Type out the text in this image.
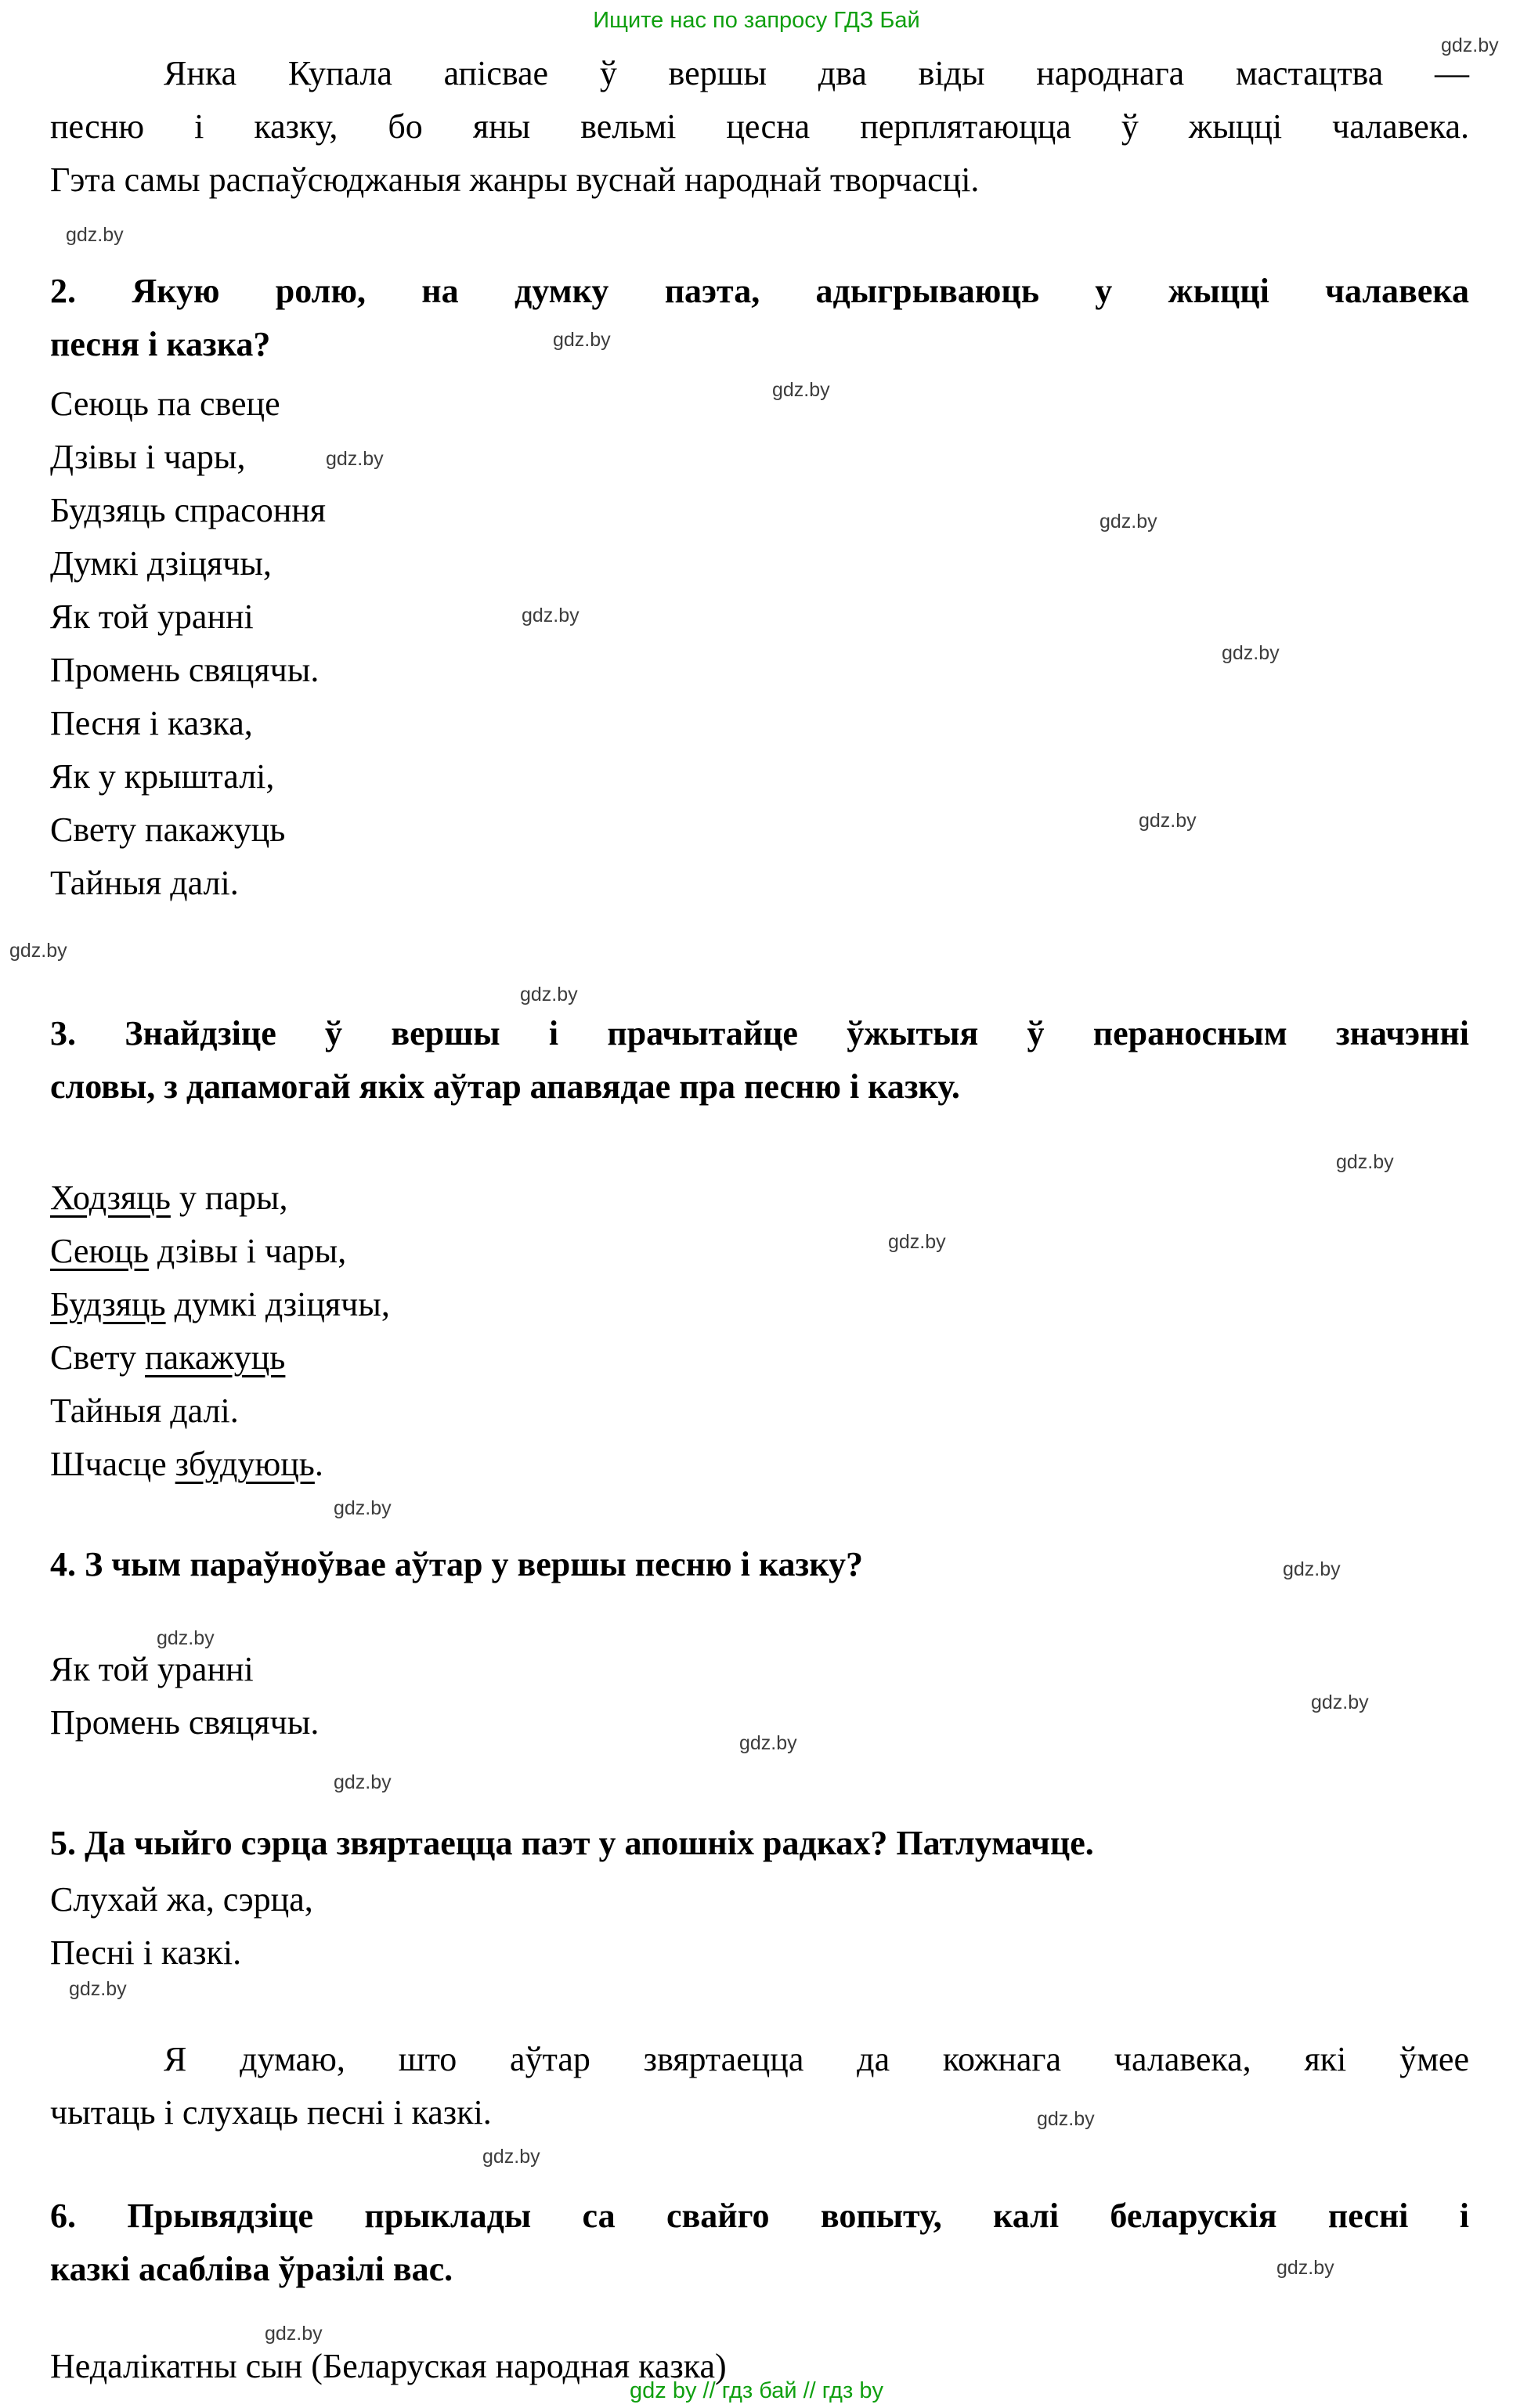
Ищите нас по запросу ГДЗ Бай
Янка Купала апісвае ў вершы два віды народнага мастацтва —
песню і казку, бо яны вельмі цесна перплятаюцца ў жыцці чалавека.
Гэта самы распаўсюджаныя жанры вуснай народнай творчасці.
2. Якую ролю, на думку паэта, адыгрываюць у жыцці чалавека
песня і казка?
Сеюць па свеце
Дзівы і чары,
Будзяць спрасоння
Думкі дзіцячы,
Як той уранні
Промень свяцячы.
Песня і казка,
Як у крышталі,
Свету пакажуць
Тайныя далі.
3. Знайдзіце ў вершы і прачытайце ўжытыя ў пераносным значэнні
словы, з дапамогай якіх аўтар апавядае пра песню і казку.
Ходзяць у пары,
Сеюць дзівы і чары,
Будзяць думкі дзіцячы,
Свету пакажуць
Тайныя далі.
Шчасце збудуюць.
4. З чым параўноўвае аўтар у вершы песню і казку?
Як той уранні
Промень свяцячы.
5. Да чыйго сэрца звяртаецца паэт у апошніх радках? Патлумачце.
Слухай жа, сэрца,
Песні і казкі.
Я думаю, што аўтар звяртаецца да кожнага чалавека, які ўмее
чытаць і слухаць песні і казкі.
6. Прывядзіце прыклады са свайго вопыту, калі беларускія песні і
казкі асабліва ўразілі вас.
Недалікатны сын (Беларуская народная казка)
gdz.by
gdz.by
gdz.by
gdz.by
gdz.by
gdz.by
gdz.by
gdz.by
gdz.by
gdz.by
gdz.by
gdz.by
gdz.by
gdz.by
gdz.by
gdz.by
gdz.by
gdz.by
gdz.by
gdz.by
gdz.by
gdz.by
gdz.by
gdz.by
gdz by // гдз бай // гдз by
